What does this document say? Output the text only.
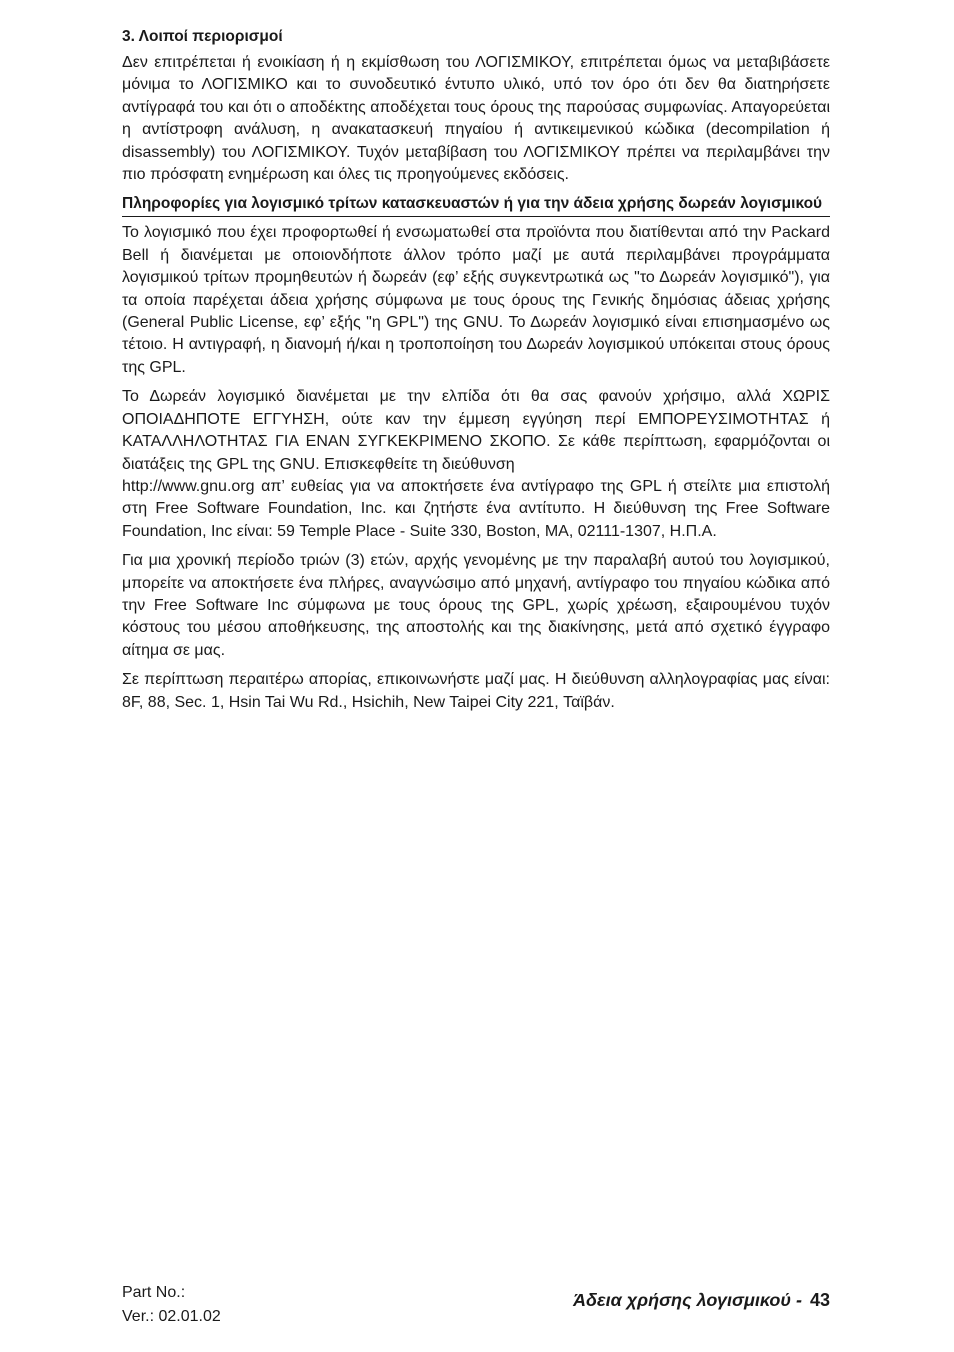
3. Λοιποί περιορισμοί

Δεν επιτρέπεται ή ενοικίαση ή η εκμίσθωση του ΛΟΓΙΣΜΙΚΟΥ, επιτρέπεται όμως να μεταβιβάσετε μόνιμα το ΛΟΓΙΣΜΙΚΟ και το συνοδευτικό έντυπο υλικό, υπό τον όρο ότι δεν θα διατηρήσετε αντίγραφά του και ότι ο αποδέκτης αποδέχεται τους όρους της παρούσας συμφωνίας. Απαγορεύεται η αντίστροφη ανάλυση, η ανακατασκευή πηγαίου ή αντικειμενικού κώδικα (decompilation ή disassembly) του ΛΟΓΙΣΜΙΚΟΥ. Τυχόν μεταβίβαση του ΛΟΓΙΣΜΙΚΟΥ πρέπει να περιλαμβάνει την πιο πρόσφατη ενημέρωση και όλες τις προηγούμενες εκδόσεις.

Πληροφορίες για λογισμικό τρίτων κατασκευαστών ή για την άδεια χρήσης δωρεάν λογισμικού

Το λογισμικό που έχει προφορτωθεί ή ενσωματωθεί στα προϊόντα που διατίθενται από την Packard Bell ή διανέμεται με οποιονδήποτε άλλον τρόπο μαζί με αυτά περιλαμβάνει προγράμματα λογισμικού τρίτων προμηθευτών ή δωρεάν (εφ’ εξής συγκεντρωτικά ως "το Δωρεάν λογισμικό"), για τα οποία παρέχεται άδεια χρήσης σύμφωνα με τους όρους της Γενικής δημόσιας άδειας χρήσης (General Public License, εφ’ εξής "η GPL") της GNU. Το Δωρεάν λογισμικό είναι επισημασμένο ως τέτοιο. Η αντιγραφή, η διανομή ή/και η τροποποίηση του Δωρεάν λογισμικού υπόκειται στους όρους της GPL.

Το Δωρεάν λογισμικό διανέμεται με την ελπίδα ότι θα σας φανούν χρήσιμο, αλλά ΧΩΡΙΣ ΟΠΟΙΑΔΗΠΟΤΕ ΕΓΓΥΗΣΗ, ούτε καν την έμμεση εγγύηση περί ΕΜΠΟΡΕΥΣΙΜΟΤΗΤΑΣ ή ΚΑΤΑΛΛΗΛΟΤΗΤΑΣ ΓΙΑ ΕΝΑΝ ΣΥΓΚΕΚΡΙΜΕΝΟ ΣΚΟΠΟ. Σε κάθε περίπτωση, εφαρμόζονται οι διατάξεις της GPL της GNU. Επισκεφθείτε τη διεύθυνση

http://www.gnu.org απ’ ευθείας για να αποκτήσετε ένα αντίγραφο της GPL ή στείλτε μια επιστολή στη Free Software Foundation, Inc. και ζητήστε ένα αντίτυπο. Η διεύθυνση της Free Software Foundation, Inc είναι: 59 Temple Place - Suite 330, Boston, MA, 02111-1307, Η.Π.Α.

Για μια χρονική περίοδο τριών (3) ετών, αρχής γενομένης με την παραλαβή αυτού του λογισμικού, μπορείτε να αποκτήσετε ένα πλήρες, αναγνώσιμο από μηχανή, αντίγραφο του πηγαίου κώδικα από την Free Software Inc σύμφωνα με τους όρους της GPL, χωρίς χρέωση, εξαιρουμένου τυχόν κόστους του μέσου αποθήκευσης, της αποστολής και της διακίνησης, μετά από σχετικό έγγραφο αίτημα σε μας.

Σε περίπτωση περαιτέρω απορίας, επικοινωνήστε μαζί μας. Η διεύθυνση αλληλογραφίας μας είναι: 8F, 88, Sec. 1, Hsin Tai Wu Rd., Hsichih, New Taipei City 221, Ταϊβάν.

Part No.:
Ver.: 02.01.02
Άδεια χρήσης λογισμικού - 43
